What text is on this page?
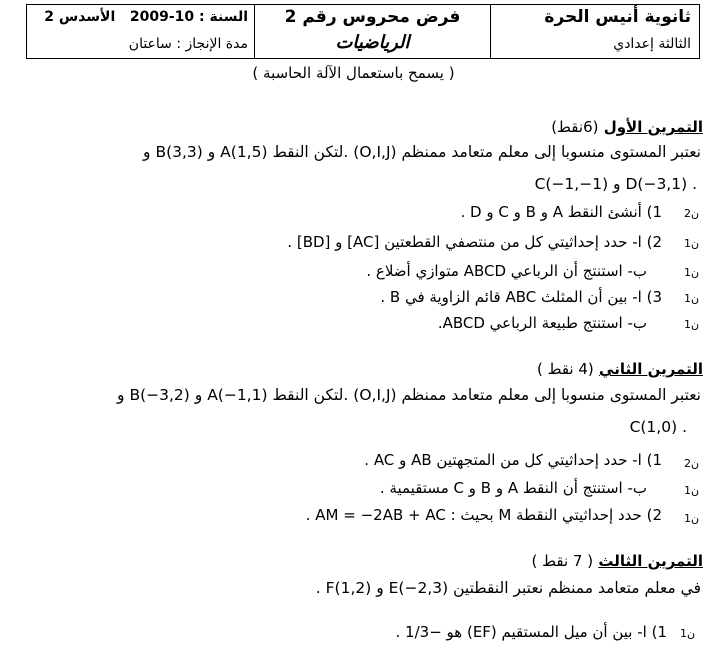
ثانوية أنيس الحرة
الثالثة إعدادي
فرض محروس رقم 2
الرياضيات
السنة : 2009-10   الأسدس 2
مدة الإنجاز : ساعتان
( يسمح باستعمال الآلة الحاسبة )
التمرين الأول (6نقط)
نعتبر المستوى منسوبا إلى معلم متعامد ممنظم (O,I,J) .لتكن النقط A(1,5) و B(3,3) و
. D(−3,1) و C(−1,−1)
ن2
1) أنشئ النقط A و B و C و D .
ن1
2) ا- حدد إحداثيتي كل من منتصفي القطعتين [AC] و [BD] .
ن1
ب- استنتج أن الرباعي ABCD متوازي أضلاع .
ن1
3) ا- بين أن المثلث ABC قائم الزاوية في B .
ن1
ب- استنتج طبيعة الرباعي ABCD.
التمرين الثاني (4 نقط )
نعتبر المستوى منسوبا إلى معلم متعامد ممنظم (O,I,J) .لتكن النقط A(−1,1) و B(−3,2) و
. C(1,0)
ن2
1) ا- حدد إحداثيتي كل من المتجهتين AB و AC .
ن1
ب- استنتج أن النقط A و B و C مستقيمية .
ن1
2) حدد إحداثيتي النقطة M بحيث : AM = −2AB + AC .
التمرين الثالث ( 7 نقط )
في معلم متعامد ممنظم نعتبر النقطتين E(−2,3) و F(1,2) .
ن1
1) ا- بين أن ميل المستقيم (EF) هو −1/3 .
